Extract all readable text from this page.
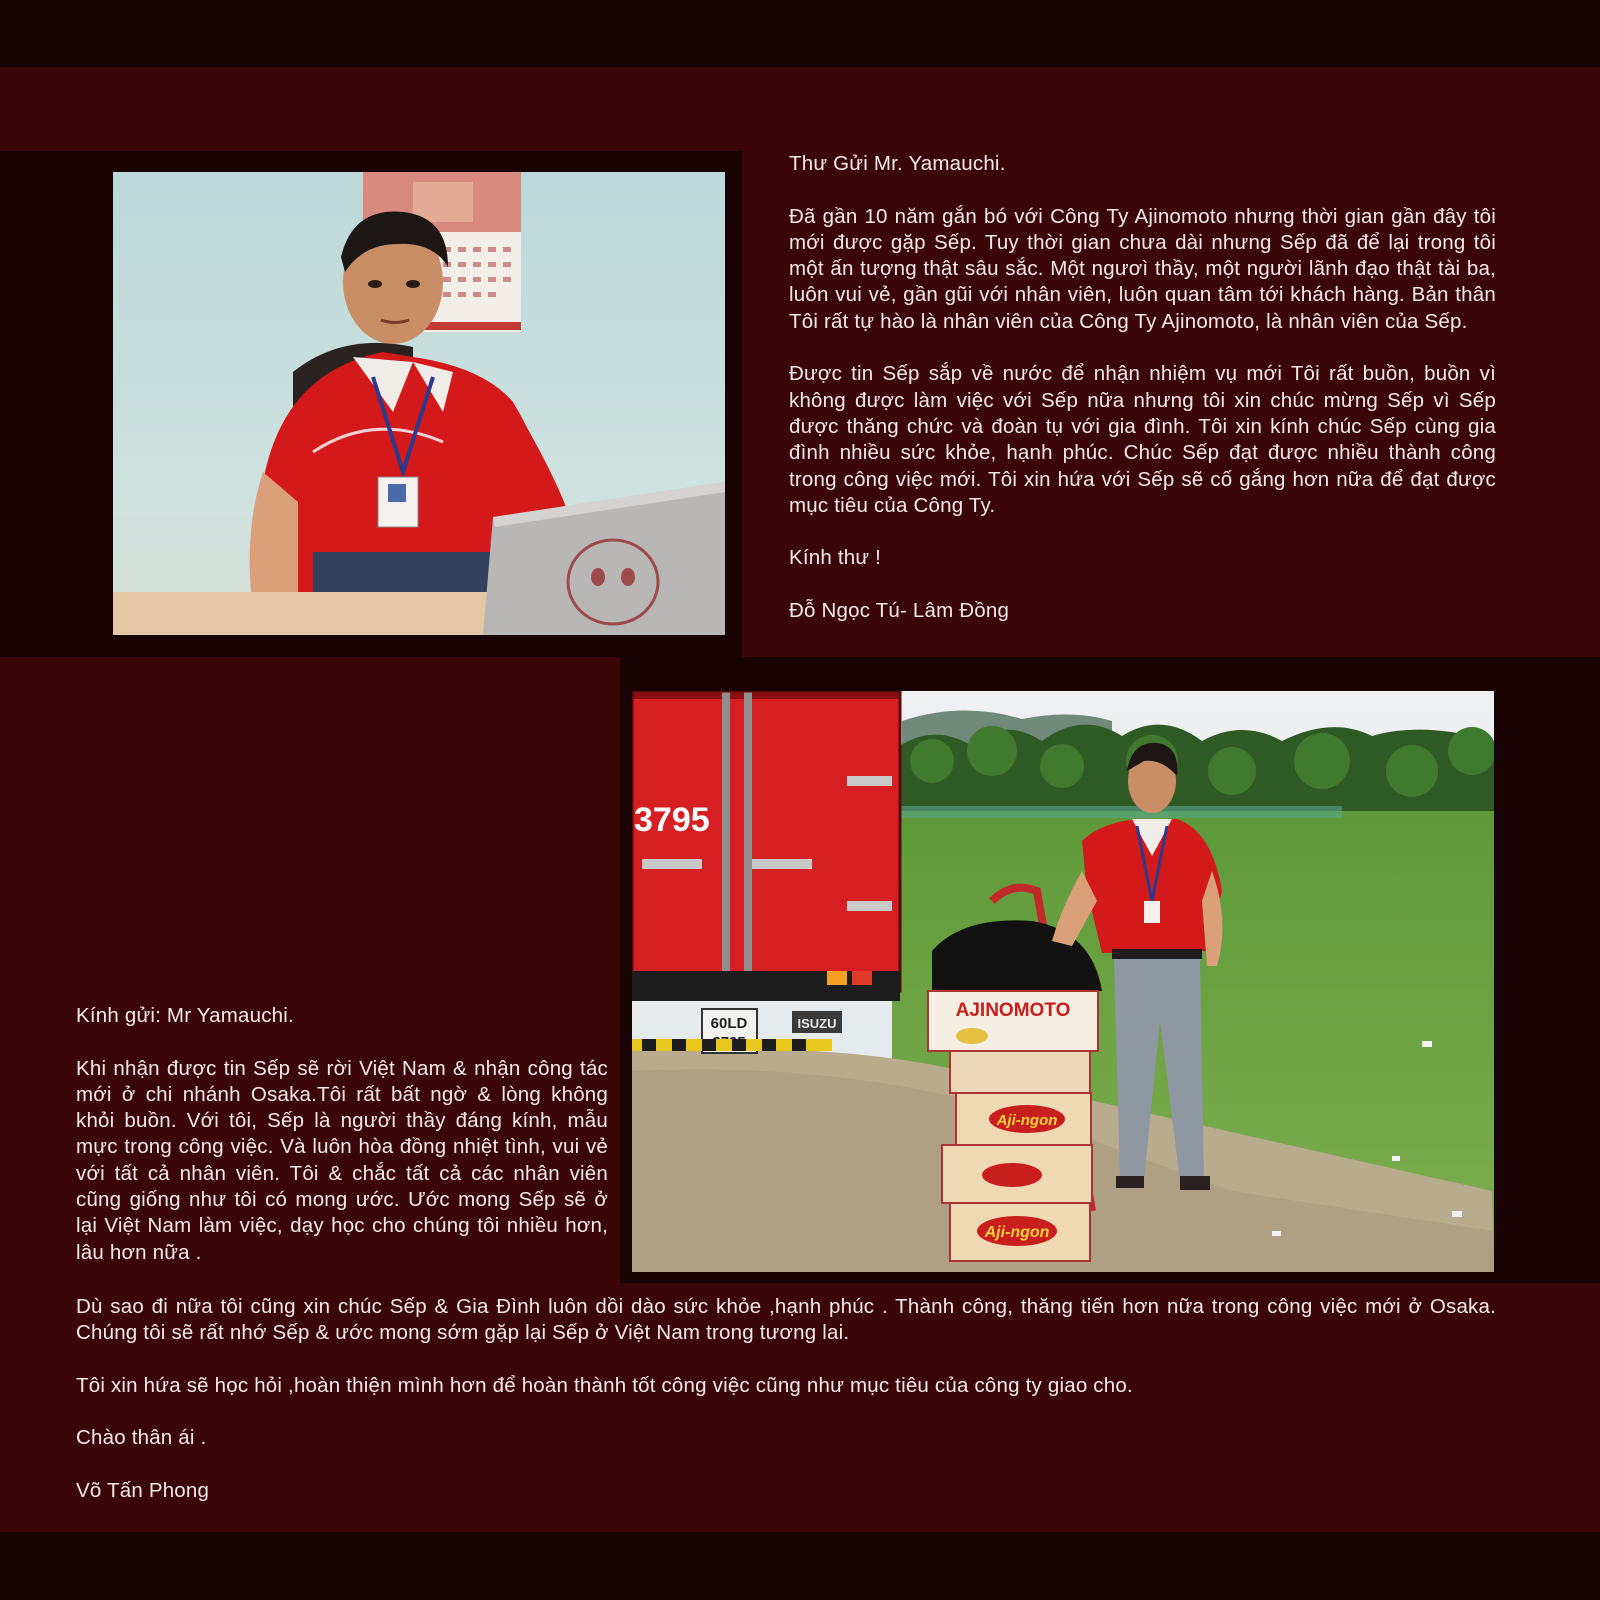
3795
60LD	ISUZU
AJINOMOTO
Aji-ngon
Aji-ngon

Thư Gửi Mr. Yamauchi.

Đã gần 10 năm gắn bó với Công Ty Ajinomoto nhưng thời gian gần đây tôi mới được gặp Sếp. Tuy thời gian chưa dài nhưng Sếp đã để lại trong tôi một ấn tượng thật sâu sắc. Một ngươì thầy, một người lãnh đạo thật tài ba, luôn vui vẻ, gần gũi với nhân viên, luôn quan tâm tới khách hàng. Bản thân Tôi rất tự hào là nhân viên của Công Ty Ajinomoto, là nhân viên của Sếp.

Được tin Sếp sắp về nước để nhận nhiệm vụ mới Tôi rất buồn, buồn vì không được làm việc với Sếp nữa nhưng tôi xin chúc mừng Sếp vì Sếp được thăng chức và đoàn tụ với gia đình. Tôi xin kính chúc Sếp cùng gia đình nhiều sức khỏe, hạnh phúc. Chúc Sếp đạt được nhiều thành công trong công việc mới. Tôi xin hứa với Sếp sẽ cố gắng hơn nữa để đạt được mục tiêu của Công Ty.

Kính thư !

Đỗ Ngọc Tú- Lâm Đồng

Kính gửi: Mr Yamauchi.

Khi nhận được tin Sếp sẽ rời Việt Nam & nhận công tác mới ở chi nhánh Osaka.Tôi rất bất ngờ & lòng không khỏi buồn. Với tôi, Sếp là người thầy đáng kính, mẫu mực trong công việc. Và luôn hòa đồng nhiệt tình, vui vẻ với tất cả nhân viên. Tôi & chắc tất cả các nhân viên cũng giống như tôi có mong ước. Ước mong Sếp sẽ ở lại Việt Nam làm việc, dạy học cho chúng tôi nhiều hơn, lâu hơn nữa .

Dù sao đi nữa tôi cũng xin chúc Sếp & Gia Đình luôn dồi dào sức khỏe ,hạnh phúc . Thành công, thăng tiến hơn nữa trong công việc mới ở Osaka. Chúng tôi sẽ rất nhớ Sếp & ước mong sớm gặp lại Sếp ở Việt Nam trong tương lai.

Tôi xin hứa sẽ học hỏi ,hoàn thiện mình hơn để hoàn thành tốt công việc cũng như mục tiêu của công ty giao cho.

Chào thân ái .

Võ Tấn Phong
